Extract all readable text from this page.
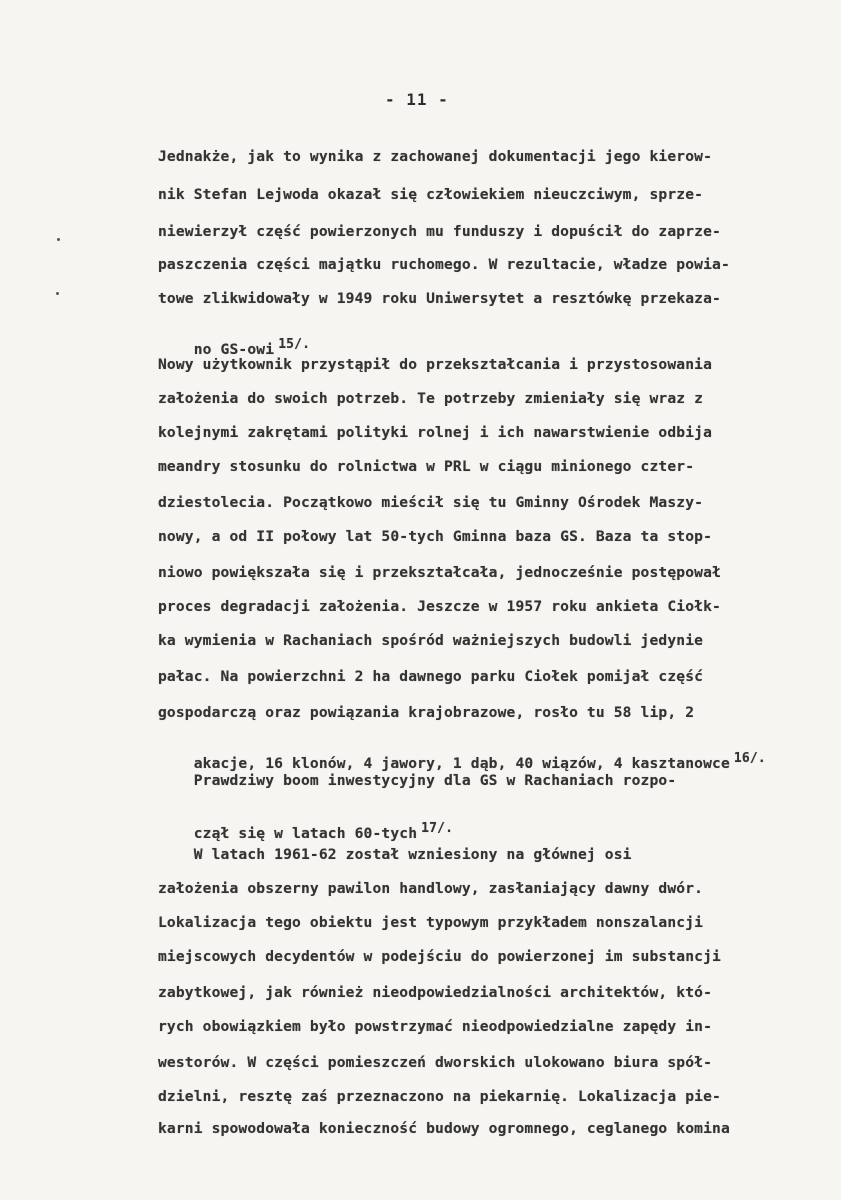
- 11 -
Jednakże, jak to wynika z zachowanej dokumentacji jego kierow-
nik Stefan Lejwoda okazał się człowiekiem nieuczciwym, sprze-
niewierzył część powierzonych mu funduszy i dopuścił do zaprze-
paszczenia części majątku ruchomego. W rezultacie, władze powia-
towe zlikwidowały w 1949 roku Uniwersytet a resztówkę przekaza-

no GS-owi $^{15/.}$

Nowy użytkownik przystąpił do przekształcania i przystosowania
założenia do swoich potrzeb. Te potrzeby zmieniały się wraz z
kolejnymi zakrętami polityki rolnej i ich nawarstwienie odbija
meandry stosunku do rolnictwa w PRL w ciągu minionego czter-
dziestolecia. Początkowo mieścił się tu Gminny Ośrodek Maszy-
nowy, a od II połowy lat 50-tych Gminna baza GS. Baza ta stop-
niowo powiększała się i przekształcała, jednocześnie postępował
proces degradacji założenia. Jeszcze w 1957 roku ankieta Ciołk-
ka wymienia w Rachaniach spośród ważniejszych budowli jedynie
pałac. Na powierzchni 2 ha dawnego parku Ciołek pomijał część
gospodarczą oraz powiązania krajobrazowe, rosło tu 58 lip, 2

akacje, 16 klonów, 4 jawory, 1 dąb, 40 wiązów, 4 kasztanowce $^{16/.}$

Prawdziwy boom inwestycyjny dla GS w Rachaniach rozpo-

czął się w latach 60-tych $^{17/.}$

W latach 1961-62 został wzniesiony na głównej osi
założenia obszerny pawilon handlowy, zasłaniający dawny dwór.
Lokalizacja tego obiektu jest typowym przykładem nonszalancji
miejscowych decydentów w podejściu do powierzonej im substancji
zabytkowej, jak również nieodpowiedzialności architektów, któ-
rych obowiązkiem było powstrzymać nieodpowiedzialne zapędy in-
westorów. W części pomieszczeń dworskich ulokowano biura spół-
dzielni, resztę zaś przeznaczono na piekarnię. Lokalizacja pie-
karni spowodowała konieczność budowy ogromnego, ceglanego komina
